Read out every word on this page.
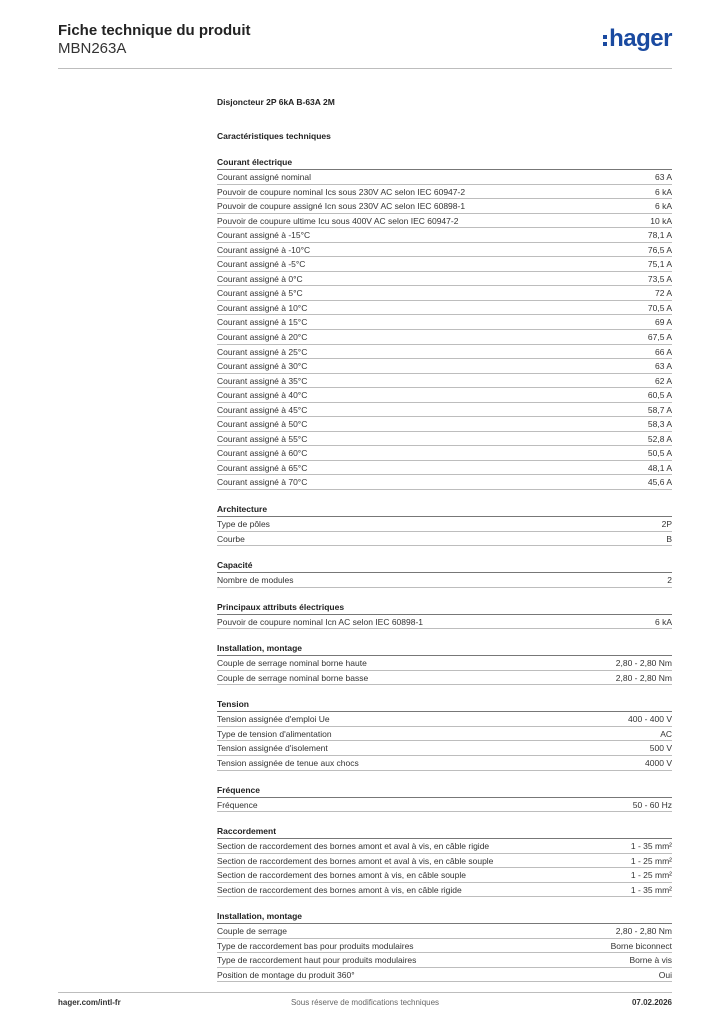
Fiche technique du produit
MBN263A	hager
Disjoncteur 2P 6kA B-63A 2M
Caractéristiques techniques
Courant électrique
Courant assigné nominal	63 A
Pouvoir de coupure nominal Ics sous 230V AC selon IEC 60947-2	6 kA
Pouvoir de coupure assigné Icn sous 230V AC selon IEC 60898-1	6 kA
Pouvoir de coupure ultime Icu sous 400V AC selon IEC 60947-2	10 kA
Courant assigné à -15°C	78,1 A
Courant assigné à -10°C	76,5 A
Courant assigné à -5°C	75,1 A
Courant assigné à 0°C	73,5 A
Courant assigné à 5°C	72 A
Courant assigné à 10°C	70,5 A
Courant assigné à 15°C	69 A
Courant assigné à 20°C	67,5 A
Courant assigné à 25°C	66 A
Courant assigné à 30°C	63 A
Courant assigné à 35°C	62 A
Courant assigné à 40°C	60,5 A
Courant assigné à 45°C	58,7 A
Courant assigné à 50°C	58,3 A
Courant assigné à 55°C	52,8 A
Courant assigné à 60°C	50,5 A
Courant assigné à 65°C	48,1 A
Courant assigné à 70°C	45,6 A
Architecture
Type de pôles	2P
Courbe	B
Capacité
Nombre de modules	2
Principaux attributs électriques
Pouvoir de coupure nominal Icn AC selon IEC 60898-1	6 kA
Installation, montage
Couple de serrage nominal borne haute	2,80 - 2,80 Nm
Couple de serrage nominal borne basse	2,80 - 2,80 Nm
Tension
Tension assignée d'emploi Ue	400 - 400 V
Type de tension d'alimentation	AC
Tension assignée d'isolement	500 V
Tension assignée de tenue aux chocs	4000 V
Fréquence
Fréquence	50 - 60 Hz
Raccordement
Section de raccordement des bornes amont et aval à vis, en câble rigide	1 - 35 mm²
Section de raccordement des bornes amont et aval à vis, en câble souple	1 - 25 mm²
Section de raccordement des bornes amont à vis, en câble souple	1 - 25 mm²
Section de raccordement des bornes amont à vis, en câble rigide	1 - 35 mm²
Installation, montage
Couple de serrage	2,80 - 2,80 Nm
Type de raccordement bas pour produits modulaires	Borne biconnect
Type de raccordement haut pour produits modulaires	Borne à vis
Position de montage du produit 360°	Oui
hager.com/intl-fr	Sous réserve de modifications techniques	07.02.2026
